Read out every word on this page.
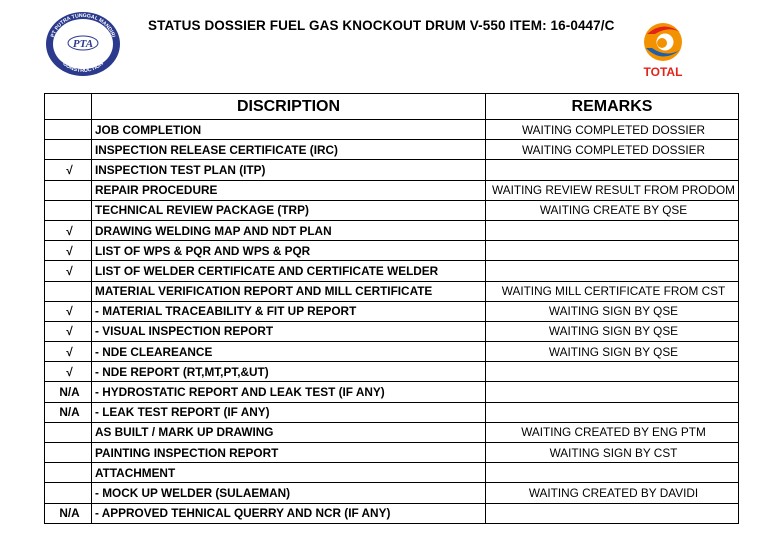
PT PUTRA TUNGGAL MANDIRI
CONSTRUCTION
PTA
STATUS DOSSIER FUEL GAS KNOCKOUT DRUM V-550 ITEM: 16-0447/C
TOTAL
	DISCRIPTION	REMARKS
	JOB COMPLETION	WAITING COMPLETED DOSSIER
	INSPECTION RELEASE CERTIFICATE (IRC)	WAITING COMPLETED DOSSIER
√	INSPECTION TEST PLAN (ITP)	
	REPAIR PROCEDURE	WAITING REVIEW RESULT FROM PRODOM
	TECHNICAL REVIEW PACKAGE (TRP)	WAITING CREATE BY QSE
√	DRAWING WELDING MAP AND NDT PLAN	
√	LIST OF WPS & PQR AND WPS & PQR	
√	LIST OF WELDER CERTIFICATE AND CERTIFICATE WELDER	
	MATERIAL VERIFICATION REPORT AND MILL CERTIFICATE	WAITING MILL CERTIFICATE FROM CST
√	- MATERIAL TRACEABILITY & FIT UP REPORT	WAITING SIGN BY QSE
√	- VISUAL INSPECTION REPORT	WAITING SIGN BY QSE
√	- NDE CLEAREANCE	WAITING SIGN BY QSE
√	- NDE REPORT (RT,MT,PT,&UT)	
N/A	- HYDROSTATIC REPORT AND LEAK TEST (IF ANY)	
N/A	- LEAK TEST REPORT (IF ANY)	
	AS BUILT / MARK UP DRAWING	WAITING CREATED BY ENG PTM
	PAINTING INSPECTION REPORT	WAITING SIGN BY CST
	ATTACHMENT	
	- MOCK UP WELDER (SULAEMAN)	WAITING CREATED BY DAVIDI
N/A	- APPROVED TEHNICAL QUERRY AND NCR (IF ANY)	
